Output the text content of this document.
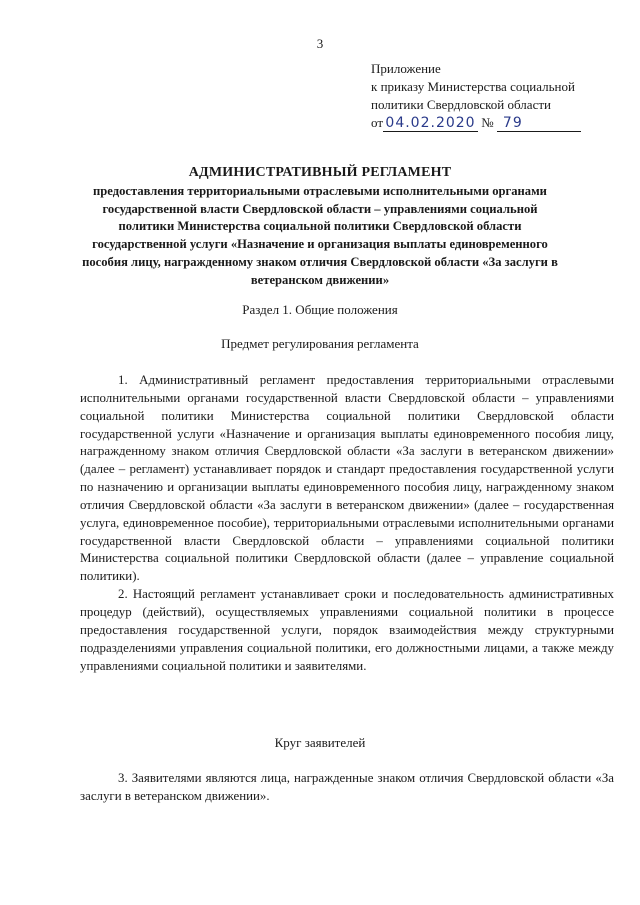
3
Приложение
к приказу Министерства социальной
политики Свердловской области
от 04.02.2020 № 79
АДМИНИСТРАТИВНЫЙ РЕГЛАМЕНТ
предоставления территориальными отраслевыми исполнительными органами государственной власти Свердловской области – управлениями социальной политики Министерства социальной политики Свердловской области государственной услуги «Назначение и организация выплаты единовременного пособия лицу, награжденному знаком отличия Свердловской области «За заслуги в ветеранском движении»
Раздел 1. Общие положения
Предмет регулирования регламента

1. Административный регламент предоставления территориальными отраслевыми исполнительными органами государственной власти Свердловской области – управлениями социальной политики Министерства социальной политики Свердловской области государственной услуги «Назначение и организация выплаты единовременного пособия лицу, награжденному знаком отличия Свердловской области «За заслуги в ветеранском движении» (далее – регламент) устанавливает порядок и стандарт предоставления государственной услуги по назначению и организации выплаты единовременного пособия лицу, награжденному знаком отличия Свердловской области «За заслуги в ветеранском движении» (далее – государственная услуга, единовременное пособие), территориальными отраслевыми исполнительными органами государственной власти Свердловской области – управлениями социальной политики Министерства социальной политики Свердловской области (далее – управление социальной политики).

2. Настоящий регламент устанавливает сроки и последовательность административных процедур (действий), осуществляемых управлениями социальной политики в процессе предоставления государственной услуги, порядок взаимодействия между структурными подразделениями управления социальной политики, его должностными лицами, а также между управлениями социальной политики и заявителями.

Круг заявителей

3. Заявителями являются лица, награжденные знаком отличия Свердловской области «За заслуги в ветеранском движении».
